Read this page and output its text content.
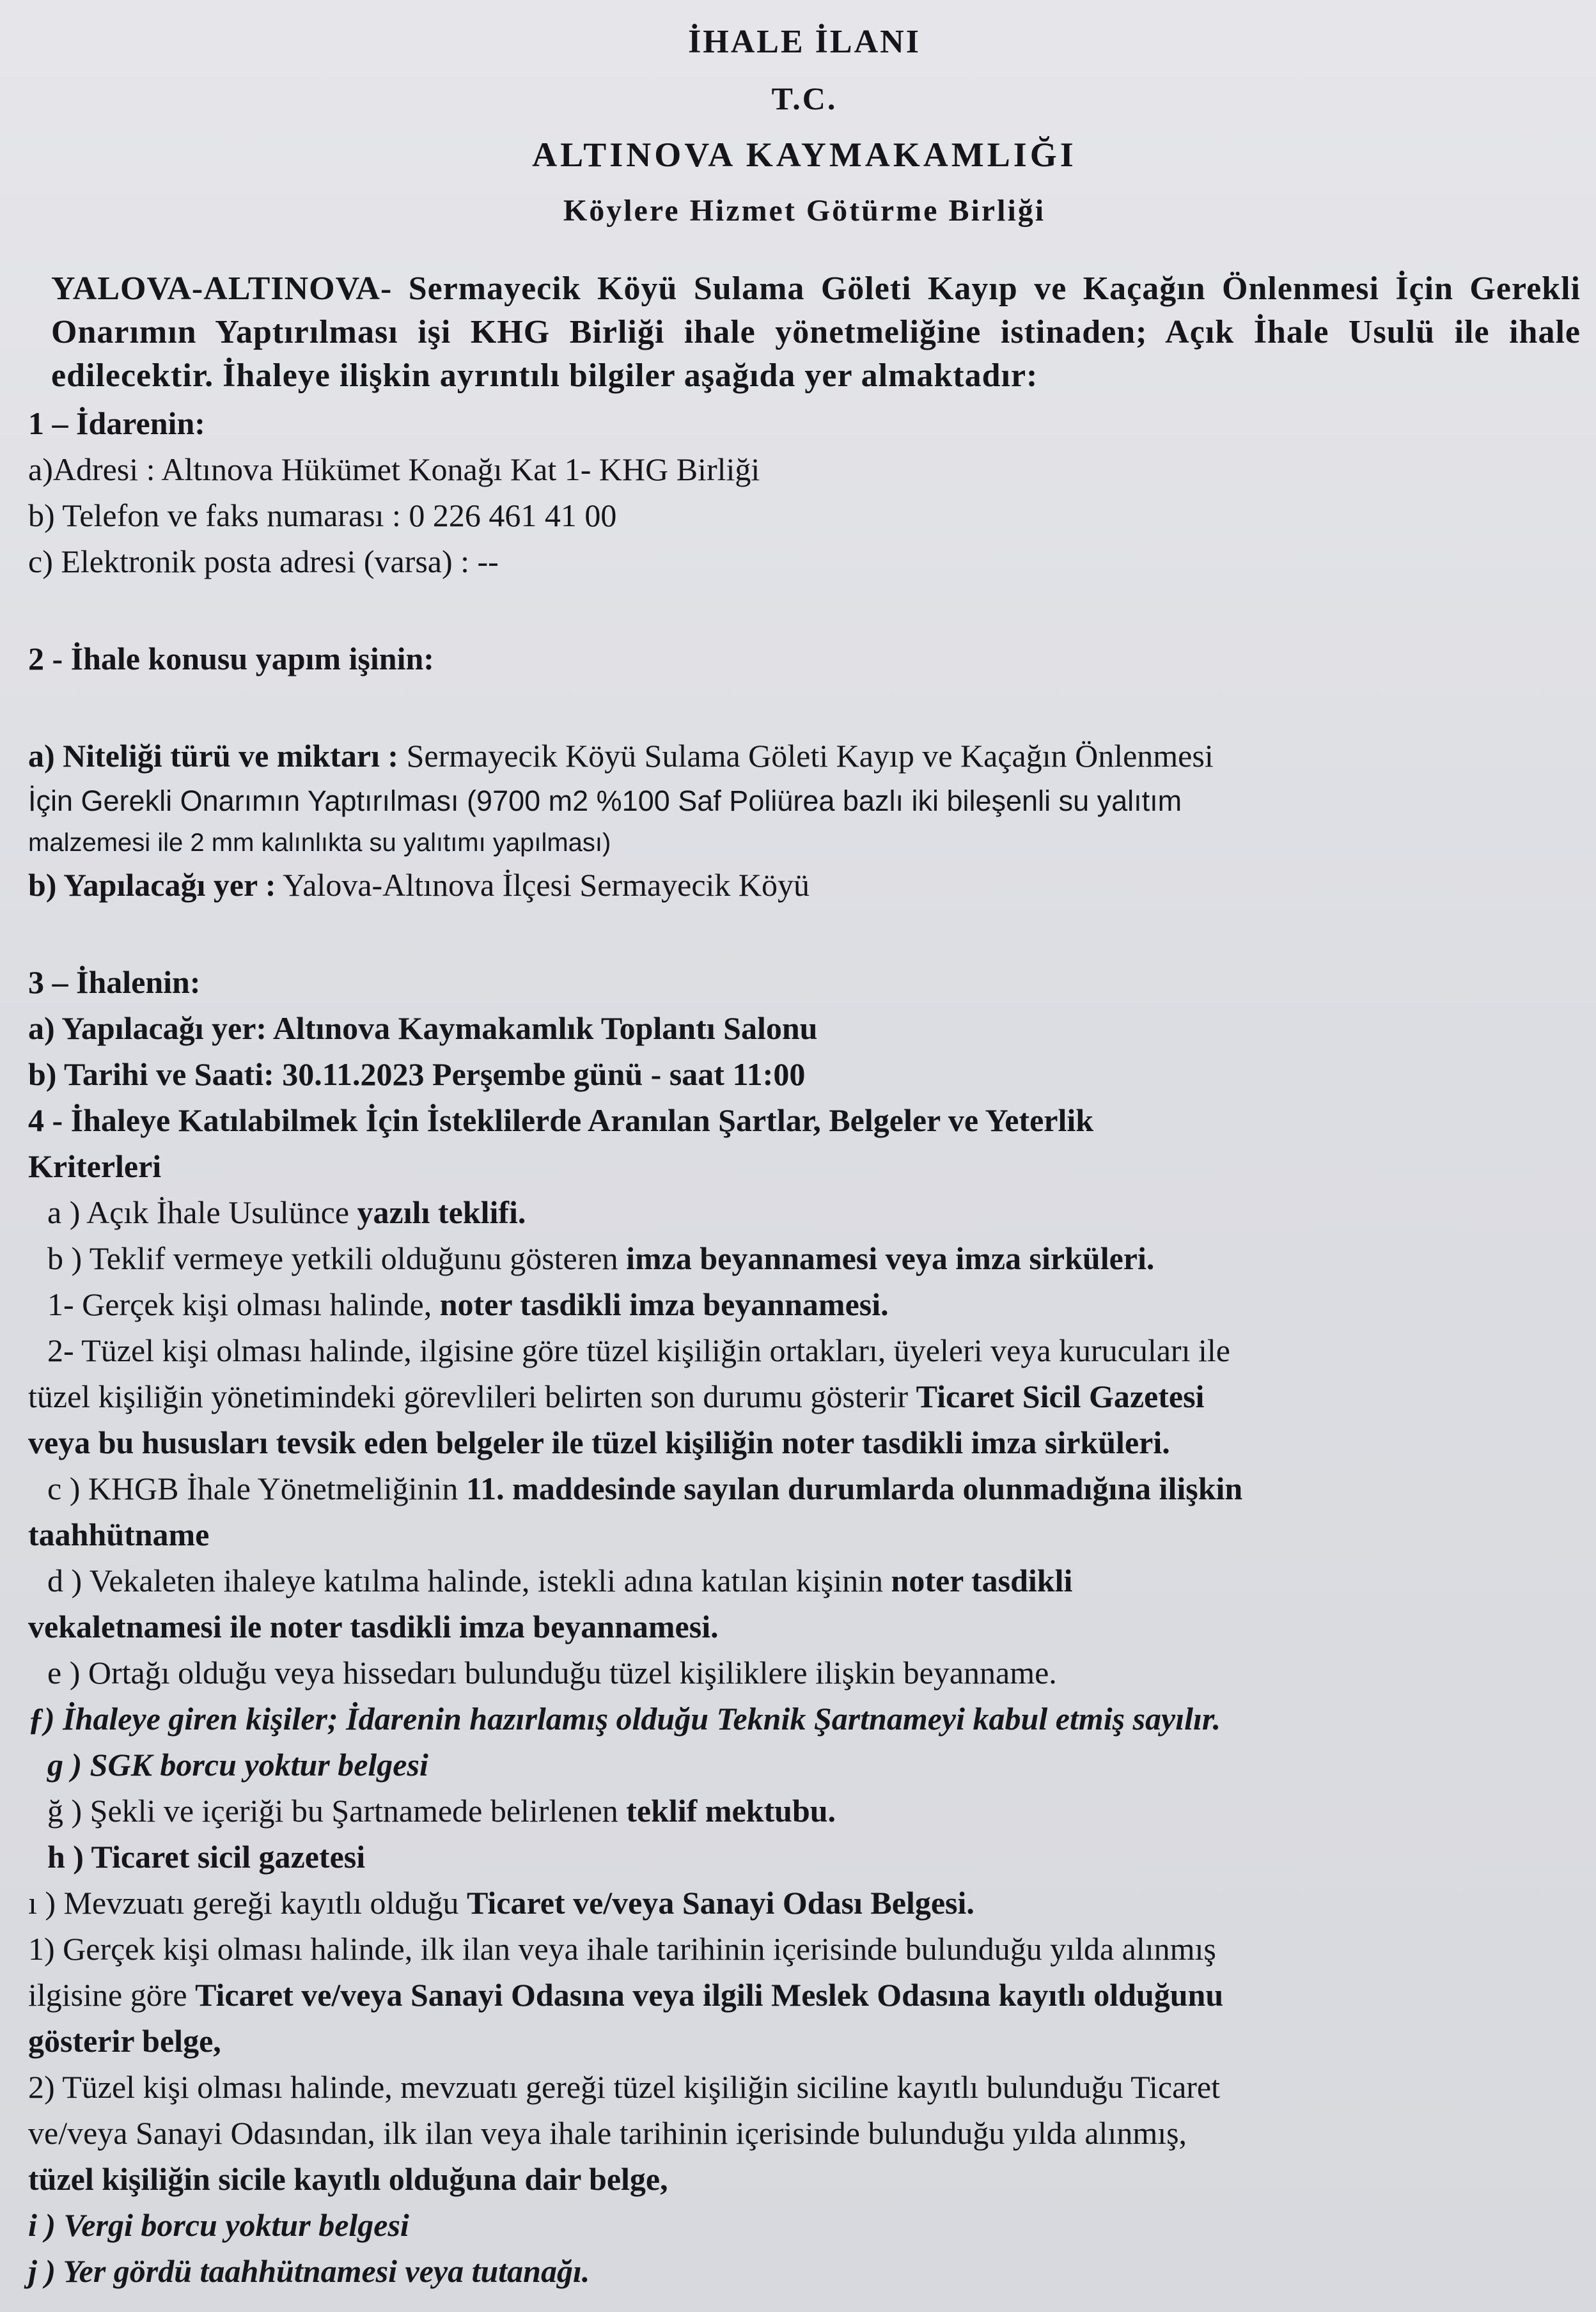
İHALE İLANI
T.C.
ALTINOVA KAYMAKAMLIĞI
Köylere Hizmet Götürme Birliği
YALOVA-ALTINOVA- Sermayecik Köyü Sulama Göleti Kayıp ve Kaçağın Önlenmesi İçin Gerekli Onarımın Yaptırılması işi KHG Birliği ihale yönetmeliğine istinaden; Açık İhale Usulü ile ihale edilecektir. İhaleye ilişkin ayrıntılı bilgiler aşağıda yer almaktadır:
1 – İdarenin:
a)Adresi : Altınova Hükümet Konağı Kat 1- KHG Birliği
b) Telefon ve faks numarası : 0 226 461 41 00
c) Elektronik posta adresi (varsa) : --
2 - İhale konusu yapım işinin:
a) Niteliği türü ve miktarı : Sermayecik Köyü Sulama Göleti Kayıp ve Kaçağın Önlenmesi
İçin Gerekli Onarımın Yaptırılması (9700 m2 %100 Saf Poliürea bazlı iki bileşenli su yalıtım
malzemesi ile 2 mm kalınlıkta su yalıtımı yapılması)
b) Yapılacağı yer : Yalova-Altınova İlçesi Sermayecik Köyü
3 – İhalenin:
a) Yapılacağı yer: Altınova Kaymakamlık Toplantı Salonu
b) Tarihi ve Saati: 30.11.2023 Perşembe günü - saat 11:00
4 - İhaleye Katılabilmek İçin İsteklilerde Aranılan Şartlar, Belgeler ve Yeterlik
Kriterleri
a ) Açık İhale Usulünce yazılı teklifi.
b ) Teklif vermeye yetkili olduğunu gösteren imza beyannamesi veya imza sirküleri.
1- Gerçek kişi olması halinde, noter tasdikli imza beyannamesi.
2- Tüzel kişi olması halinde, ilgisine göre tüzel kişiliğin ortakları, üyeleri veya kurucuları ile
tüzel kişiliğin yönetimindeki görevlileri belirten son durumu gösterir Ticaret Sicil Gazetesi
veya bu hususları tevsik eden belgeler ile tüzel kişiliğin noter tasdikli imza sirküleri.
c ) KHGB İhale Yönetmeliğinin 11. maddesinde sayılan durumlarda olunmadığına ilişkin
taahhütname
d ) Vekaleten ihaleye katılma halinde, istekli adına katılan kişinin noter tasdikli
vekaletnamesi ile noter tasdikli imza beyannamesi.
e ) Ortağı olduğu veya hissedarı bulunduğu tüzel kişiliklere ilişkin beyanname.
ƒ) İhaleye giren kişiler; İdarenin hazırlamış olduğu Teknik Şartnameyi kabul etmiş sayılır.
g ) SGK borcu yoktur belgesi
ğ ) Şekli ve içeriği bu Şartnamede belirlenen teklif mektubu.
h ) Ticaret sicil gazetesi
ı ) Mevzuatı gereği kayıtlı olduğu Ticaret ve/veya Sanayi Odası Belgesi.
1) Gerçek kişi olması halinde, ilk ilan veya ihale tarihinin içerisinde bulunduğu yılda alınmış
ilgisine göre Ticaret ve/veya Sanayi Odasına veya ilgili Meslek Odasına kayıtlı olduğunu
gösterir belge,
2) Tüzel kişi olması halinde, mevzuatı gereği tüzel kişiliğin siciline kayıtlı bulunduğu Ticaret
ve/veya Sanayi Odasından, ilk ilan veya ihale tarihinin içerisinde bulunduğu yılda alınmış,
tüzel kişiliğin sicile kayıtlı olduğuna dair belge,
i ) Vergi borcu yoktur belgesi
j ) Yer gördü taahhütnamesi veya tutanağı.
